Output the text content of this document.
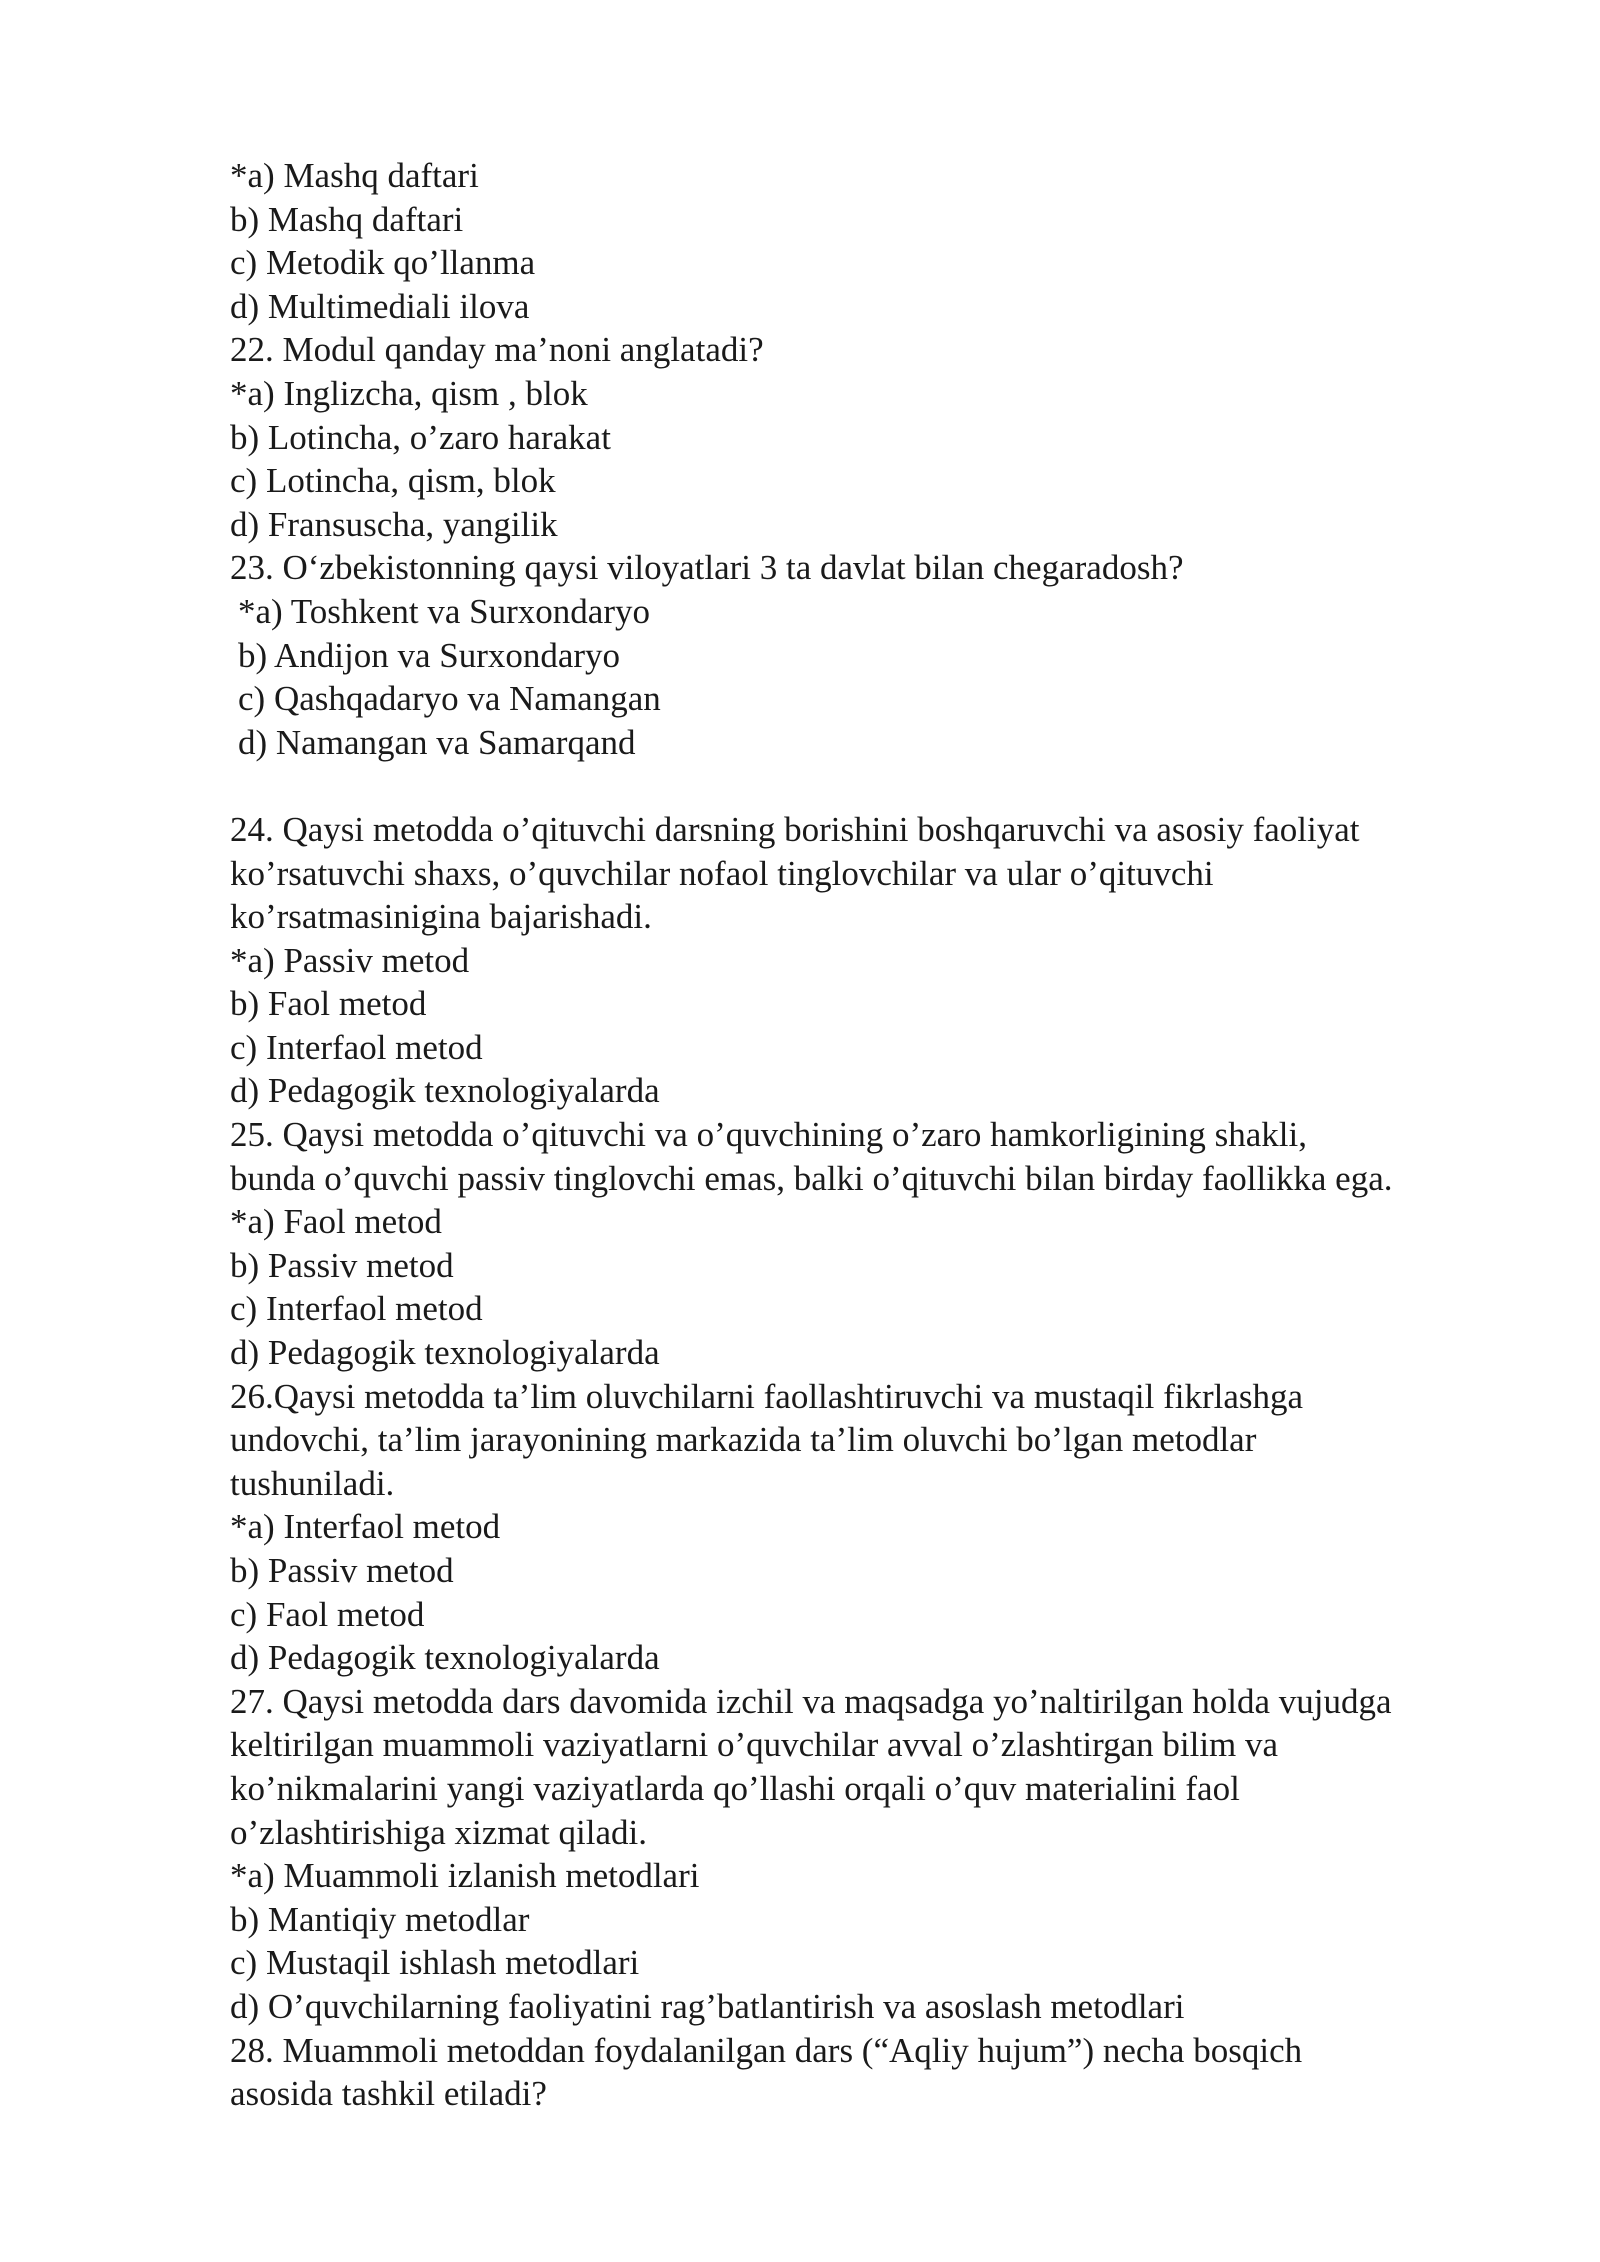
*a) Mashq daftari

b) Mashq daftari

c) Metodik qo’llanma

d) Multimediali ilova

22. Modul qanday ma’noni anglatadi?

*a) Inglizcha, qism , blok

b) Lotincha, o’zaro harakat

c) Lotincha, qism, blok

d) Fransuscha, yangilik

23. O‘zbekistonning qaysi viloyatlari 3 ta davlat bilan chegaradosh?

*a) Toshkent va Surxondaryo

b) Andijon va Surxondaryo

c) Qashqadaryo va Namangan

d) Namangan va Samarqand

24. Qaysi metodda o’qituvchi darsning borishini boshqaruvchi va asosiy faoliyat

ko’rsatuvchi shaxs, o’quvchilar nofaol tinglovchilar va ular o’qituvchi

ko’rsatmasinigina bajarishadi.

*a) Passiv metod

b) Faol metod

c) Interfaol metod

d) Pedagogik texnologiyalarda

25. Qaysi metodda o’qituvchi va o’quvchining o’zaro hamkorligining shakli,

bunda o’quvchi passiv tinglovchi emas, balki o’qituvchi bilan birday faollikka ega.

*a) Faol metod

b) Passiv metod

c) Interfaol metod

d) Pedagogik texnologiyalarda

26.Qaysi metodda ta’lim oluvchilarni faollashtiruvchi va mustaqil fikrlashga

undovchi, ta’lim jarayonining markazida ta’lim oluvchi bo’lgan metodlar

tushuniladi.

*a) Interfaol metod

b) Passiv metod

c) Faol metod

d) Pedagogik texnologiyalarda

27. Qaysi metodda dars davomida izchil va maqsadga yo’naltirilgan holda vujudga

keltirilgan muammoli vaziyatlarni o’quvchilar avval o’zlashtirgan bilim va

ko’nikmalarini yangi vaziyatlarda qo’llashi orqali o’quv materialini faol

o’zlashtirishiga xizmat qiladi.

*a) Muammoli izlanish metodlari

b) Mantiqiy metodlar

c) Mustaqil ishlash metodlari

d) O’quvchilarning faoliyatini rag’batlantirish va asoslash metodlari

28. Muammoli metoddan foydalanilgan dars (“Aqliy hujum”) necha bosqich

asosida tashkil etiladi?
